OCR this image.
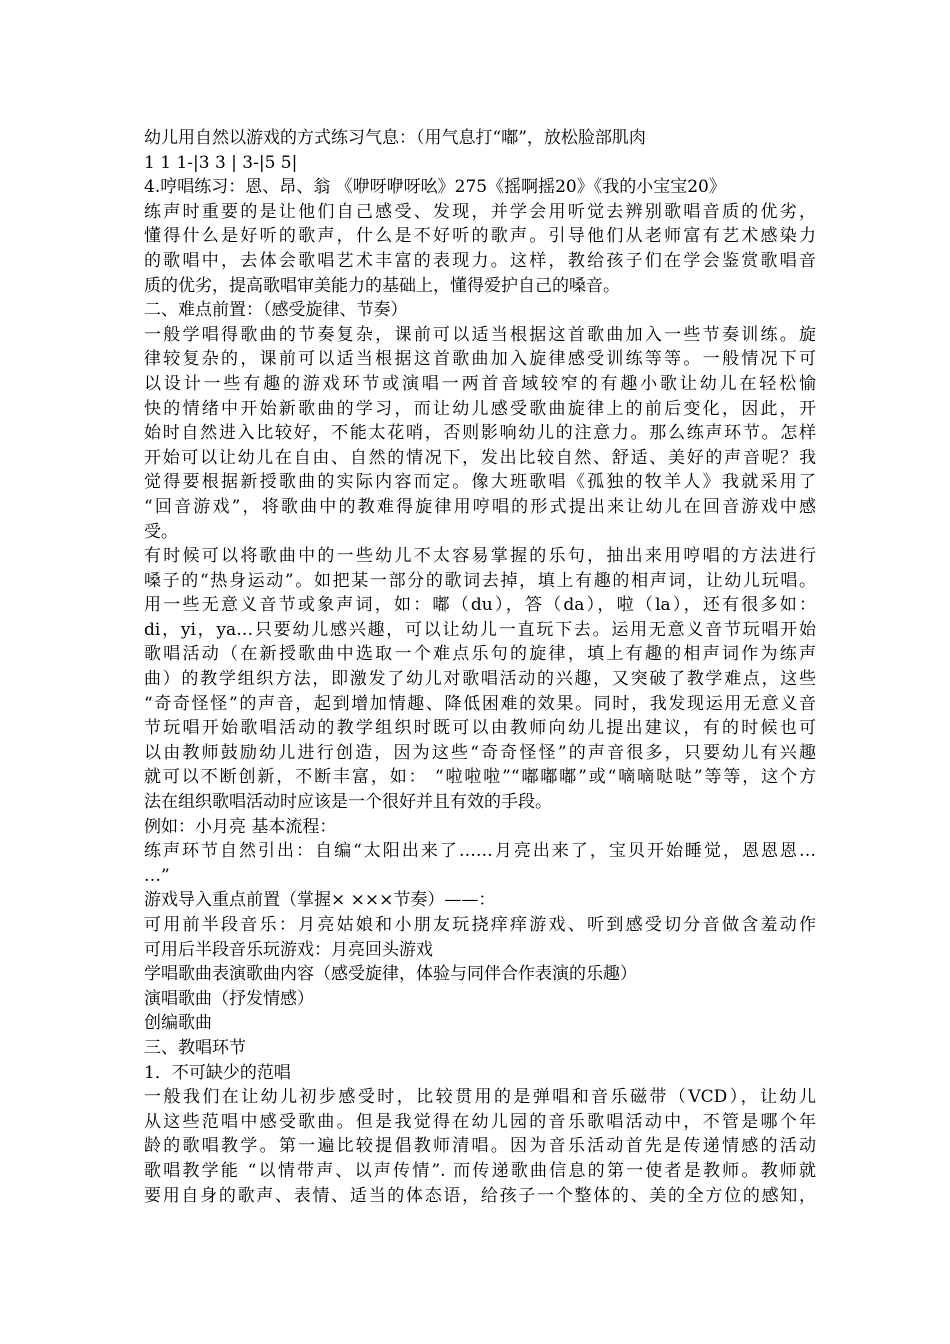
幼儿用自然以游戏的方式练习气息：（用气息打“嘟”，放松脸部肌肉
1 1 1-|3 3 | 3-|5 5|
4.哼唱练习：恩、昂、翁 《咿呀咿呀吆》275《摇啊摇20》《我的小宝宝20》
练声时重要的是让他们自己感受、发现，并学会用听觉去辨别歌唱音质的优劣，
懂得什么是好听的歌声，什么是不好听的歌声。引导他们从老师富有艺术感染力
的歌唱中，去体会歌唱艺术丰富的表现力。这样，教给孩子们在学会鉴赏歌唱音
质的优劣，提高歌唱审美能力的基础上，懂得爱护自己的嗓音。
二、难点前置：（感受旋律、节奏）
一般学唱得歌曲的节奏复杂，课前可以适当根据这首歌曲加入一些节奏训练。旋
律较复杂的，课前可以适当根据这首歌曲加入旋律感受训练等等。一般情况下可
以设计一些有趣的游戏环节或演唱一两首音域较窄的有趣小歌让幼儿在轻松愉
快的情绪中开始新歌曲的学习，而让幼儿感受歌曲旋律上的前后变化，因此，开
始时自然进入比较好，不能太花哨，否则影响幼儿的注意力。那么练声环节。怎样
开始可以让幼儿在自由、自然的情况下，发出比较自然、舒适、美好的声音呢？我
觉得要根据新授歌曲的实际内容而定。像大班歌唱《孤独的牧羊人》我就采用了
“回音游戏”，将歌曲中的教难得旋律用哼唱的形式提出来让幼儿在回音游戏中感
受。
有时候可以将歌曲中的一些幼儿不太容易掌握的乐句，抽出来用哼唱的方法进行
嗓子的“热身运动”。如把某一部分的歌词去掉，填上有趣的相声词，让幼儿玩唱。
用一些无意义音节或象声词，如：嘟（du），答（da），啦（la），还有很多如：
di，yi，ya…只要幼儿感兴趣，可以让幼儿一直玩下去。运用无意义音节玩唱开始
歌唱活动（在新授歌曲中选取一个难点乐句的旋律，填上有趣的相声词作为练声
曲）的教学组织方法，即激发了幼儿对歌唱活动的兴趣，又突破了教学难点，这些
“奇奇怪怪”的声音，起到增加情趣、降低困难的效果。同时，我发现运用无意义音
节玩唱开始歌唱活动的教学组织时既可以由教师向幼儿提出建议，有的时候也可
以由教师鼓励幼儿进行创造，因为这些“奇奇怪怪”的声音很多，只要幼儿有兴趣
就可以不断创新，不断丰富，如： “啦啦啦”“嘟嘟嘟”或“嘀嘀哒哒”等等，这个方
法在组织歌唱活动时应该是一个很好并且有效的手段。
例如：小月亮 基本流程：
练声环节自然引出：自编“太阳出来了……月亮出来了，宝贝开始睡觉，恩恩恩…
…”
游戏导入重点前置（掌握× ×××节奏）——：
可用前半段音乐：月亮姑娘和小朋友玩挠痒痒游戏、听到感受切分音做含羞动作
可用后半段音乐玩游戏：月亮回头游戏
学唱歌曲表演歌曲内容（感受旋律，体验与同伴合作表演的乐趣）
演唱歌曲（抒发情感）
创编歌曲
三、教唱环节
1．不可缺少的范唱
一般我们在让幼儿初步感受时，比较贯用的是弹唱和音乐磁带（VCD），让幼儿
从这些范唱中感受歌曲。但是我觉得在幼儿园的音乐歌唱活动中，不管是哪个年
龄的歌唱教学。第一遍比较提倡教师清唱。因为音乐活动首先是传递情感的活动
歌唱教学能 “以情带声、以声传情”. 而传递歌曲信息的第一使者是教师。教师就
要用自身的歌声、表情、适当的体态语，给孩子一个整体的、美的全方位的感知，
